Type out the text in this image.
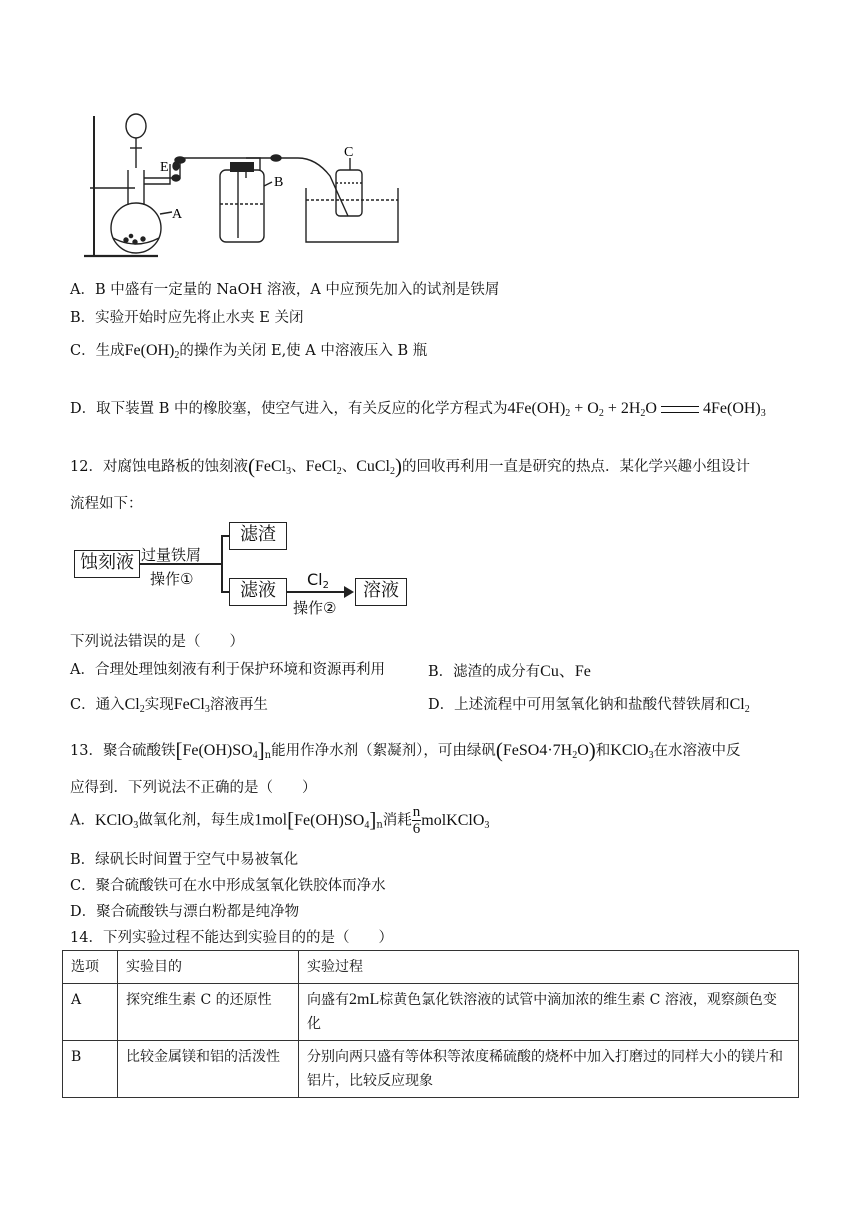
E
B
A
C
A．B 中盛有一定量的 NaOH 溶液，A 中应预先加入的试剂是铁屑
B．实验开始时应先将止水夹 E 关闭
C．生成$Fe(OH)_2$的操作为关闭 E,使 A 中溶液压入 B 瓶
D．取下装置 B 中的橡胶塞，使空气进入，有关反应的化学方程式为$4Fe(OH)_2 + O_2 + 2H_2O$	$4Fe(OH)_3$
12．对腐蚀电路板的蚀刻液(FeCl$_3$、FeCl$_2$、CuCl$_2$)的回收再利用一直是研究的热点．某化学兴趣小组设计
流程如下：
蚀刻液 过量铁屑
操作①
滤渣
滤液
$Cl_2$
操作②
溶液
下列说法错误的是（　　）
A．合理处理蚀刻液有利于保护环境和资源再利用	B．滤渣的成分有Cu、Fe
C．通入$Cl_2$实现FeCl$_3$溶液再生	D．上述流程中可用氢氧化钠和盐酸代替铁屑和$Cl_2$
13．聚合硫酸铁$[Fe(OH)SO_4]_n$能用作净水剂（絮凝剂），可由绿矾$(FeSO4\cdot 7H_2O)$和KClO$_3$在水溶液中反
应得到．下列说法不正确的是（　　）
A．KClO$_3$做氧化剂，每生成$1mol[Fe(OH)SO_4]_n$消耗 $\frac{n}{6}$ molKClO$_3$
B．绿矾长时间置于空气中易被氧化
C．聚合硫酸铁可在水中形成氢氧化铁胶体而净水
D．聚合硫酸铁与漂白粉都是纯净物
14．下列实验过程不能达到实验目的的是（　　）
选项	实验目的	实验过程
A	探究维生素 C 的还原性	向盛有2mL棕黄色氯化铁溶液的试管中滴加浓的维生素 C 溶液，观察颜色变化
B	比较金属镁和铝的活泼性	分别向两只盛有等体积等浓度稀硫酸的烧杯中加入打磨过的同样大小的镁片和铝片，比较反应现象
